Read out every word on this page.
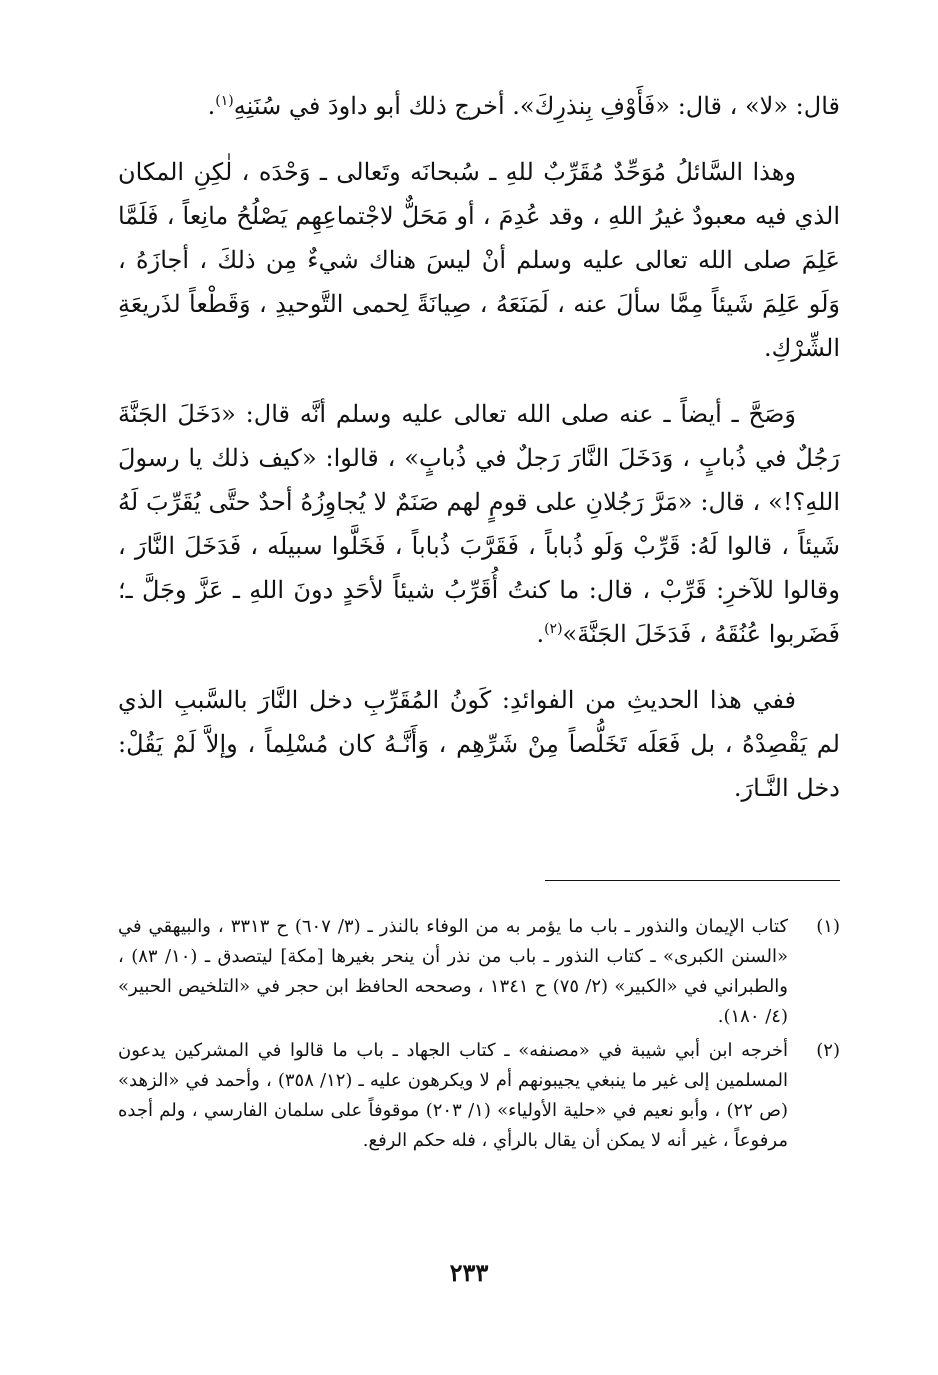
قال: «لا» ، قال: «فَأَوْفِ بِنذرِكَ». أخرج ذلك أبو داودَ في سُنَنِهِ$^{(١)}$.

وهذا السَّائلُ مُوَحِّدٌ مُقَرِّبٌ للهِ ـ سُبحانَه وتَعالى ـ وَحْدَه ، لٰكِنِ المكان الذي فيه معبودٌ غيرُ اللهِ ، وقد عُدِمَ ، أو مَحَلٌّ لاجْتماعِهِم يَصْلُحُ مانِعاً ، فَلَمَّا عَلِمَ صلى الله تعالى عليه وسلم أنْ ليسَ هناك شيءٌ مِن ذلكَ ، أجازَهُ ، وَلَو عَلِمَ شَيئاً مِمَّا سألَ عنه ، لَمَنَعَهُ ، صِيانَةً لِحمى التَّوحيدِ ، وَقَطْعاً لذَريعَةِ الشِّرْكِ.

وَصَحَّ ـ أيضاً ـ عنه صلى الله تعالى عليه وسلم أنَّه قال: «دَخَلَ الجَنَّةَ رَجُلٌ في ذُبابٍ ، وَدَخَلَ النَّارَ رَجلٌ في ذُبابٍ» ، قالوا: «كيف ذلك يا رسولَ اللهِ؟!» ، قال: «مَرَّ رَجُلانِ على قومٍ لهم صَنَمٌ لا يُجاوِزُهُ أحدٌ حتَّى يُقَرِّبَ لَهُ شَيئاً ، قالوا لَهُ: قَرِّبْ وَلَو ذُباباً ، فَقَرَّبَ ذُباباً ، فَخَلَّوا سبيلَه ، فَدَخَلَ النَّارَ ، وقالوا للآخرِ: قَرِّبْ ، قال: ما كنتُ أُقَرِّبُ شيئاً لأحَدٍ دونَ اللهِ ـ عَزَّ وجَلَّ ـ؛ فَضَربوا عُنُقَهُ ، فَدَخَلَ الجَنَّةَ»$^{(٢)}$.

ففي هذا الحديثِ من الفوائدِ: كَونُ المُقَرِّبِ دخل النَّارَ بالسَّببِ الذي لم يَقْصِدْهُ ، بل فَعَلَه تَخَلُّصاً مِنْ شَرِّهِم ، وَأَنَّـهُ كان مُسْلِماً ، وإلاَّ لَمْ يَقُلْ: دخل النَّـارَ.

(١)
كتاب الإيمان والنذور ـ باب ما يؤمر به من الوفاء بالنذر ـ (٣/ ٦٠٧) ح ٣٣١٣ ، والبيهقي في «السنن الكبرى» ـ كتاب النذور ـ باب من نذر أن ينحر بغيرها [مكة] ليتصدق ـ (١٠/ ٨٣) ، والطبراني في «الكبير» (٢/ ٧٥) ح ١٣٤١ ، وصححه الحافظ ابن حجر في «التلخيص الحبير» (٤/ ١٨٠).
(٢)
أخرجه ابن أبي شيبة في «مصنفه» ـ كتاب الجهاد ـ باب ما قالوا في المشركين يدعون المسلمين إلى غير ما ينبغي يجيبونهم أم لا ويكرهون عليه ـ (١٢/ ٣٥٨) ، وأحمد في «الزهد» (ص ٢٢) ، وأبو نعيم في «حلية الأولياء» (١/ ٢٠٣) موقوفاً على سلمان الفارسي ، ولم أجده مرفوعاً ، غير أنه لا يمكن أن يقال بالرأي ، فله حكم الرفع.
٢٣٣
